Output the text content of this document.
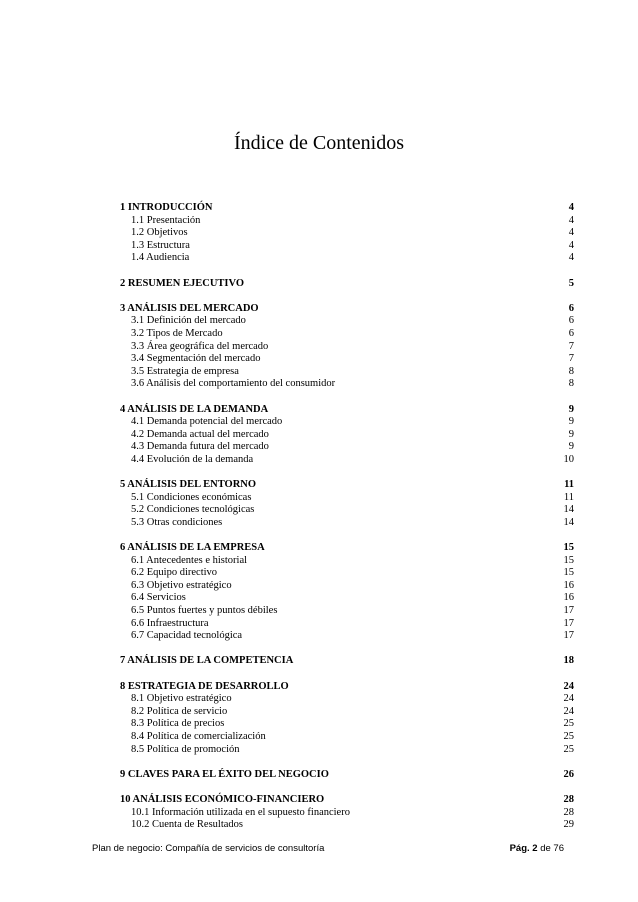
Índice de Contenidos
1 INTRODUCCIÓN	4
1.1 Presentación	4
1.2 Objetivos	4
1.3 Estructura	4
1.4 Audiencia	4
2 RESUMEN EJECUTIVO	5
3 ANÁLISIS DEL MERCADO	6
3.1 Definición del mercado	6
3.2 Tipos de Mercado	6
3.3 Área geográfica del mercado	7
3.4 Segmentación del mercado	7
3.5 Estrategia de empresa	8
3.6 Análisis del comportamiento del consumidor	8
4 ANÁLISIS DE LA DEMANDA	9
4.1 Demanda potencial del mercado	9
4.2 Demanda actual del mercado	9
4.3 Demanda futura del mercado	9
4.4 Evolución de la demanda	10
5 ANÁLISIS DEL ENTORNO	11
5.1 Condiciones económicas	11
5.2 Condiciones tecnológicas	14
5.3 Otras condiciones	14
6 ANÁLISIS DE LA EMPRESA	15
6.1 Antecedentes e historial	15
6.2 Equipo directivo	15
6.3 Objetivo estratégico	16
6.4 Servicios	16
6.5 Puntos fuertes y puntos débiles	17
6.6 Infraestructura	17
6.7 Capacidad tecnológica	17
7 ANÁLISIS DE LA COMPETENCIA	18
8 ESTRATEGIA DE DESARROLLO	24
8.1 Objetivo estratégico	24
8.2 Política de servicio	24
8.3 Política de precios	25
8.4 Política de comercialización	25
8.5 Política de promoción	25
9 CLAVES PARA EL ÉXITO DEL NEGOCIO	26
10 ANÁLISIS ECONÓMICO-FINANCIERO	28
10.1 Información utilizada en el supuesto financiero	28
10.2 Cuenta de Resultados	29
Plan de negocio: Compañía de servicios de consultoría	Pág. 2 de 76
